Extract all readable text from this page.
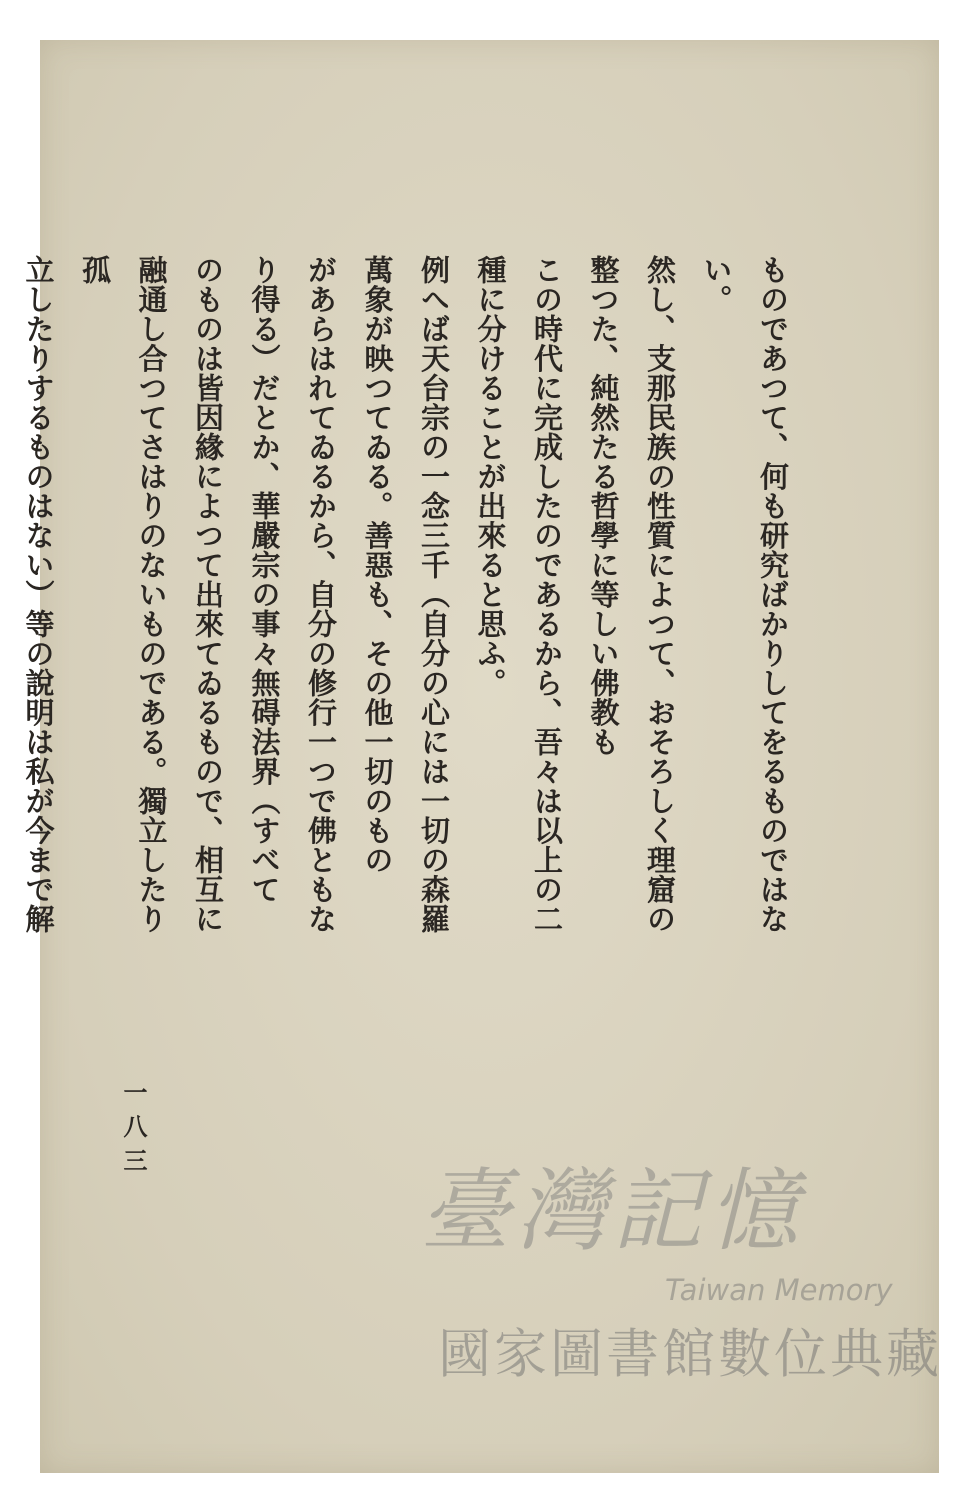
ものであつて、何も研究ばかりしてをるものではない。

然し、支那民族の性質によつて、おそろしく理窟の整つた、純然たる哲學に等しい佛教も

この時代に完成したのであるから、吾々は以上の二種に分けることが出來ると思ふ。

例へば天台宗の一念三千（自分の心には一切の森羅萬象が映つてゐる。善惡も、その他一切のもの

があらはれてゐるから、自分の修行一つで佛ともなり得る）だとか、華嚴宗の事々無碍法界（すべて

のものは皆因緣によつて出來てゐるもので、相互に融通し合つてさはりのないものである。獨立したり孤

立したりするものはない）等の說明は私が今まで解

一八三
臺灣記憶
Taiwan Memory
國家圖書館數位典藏
